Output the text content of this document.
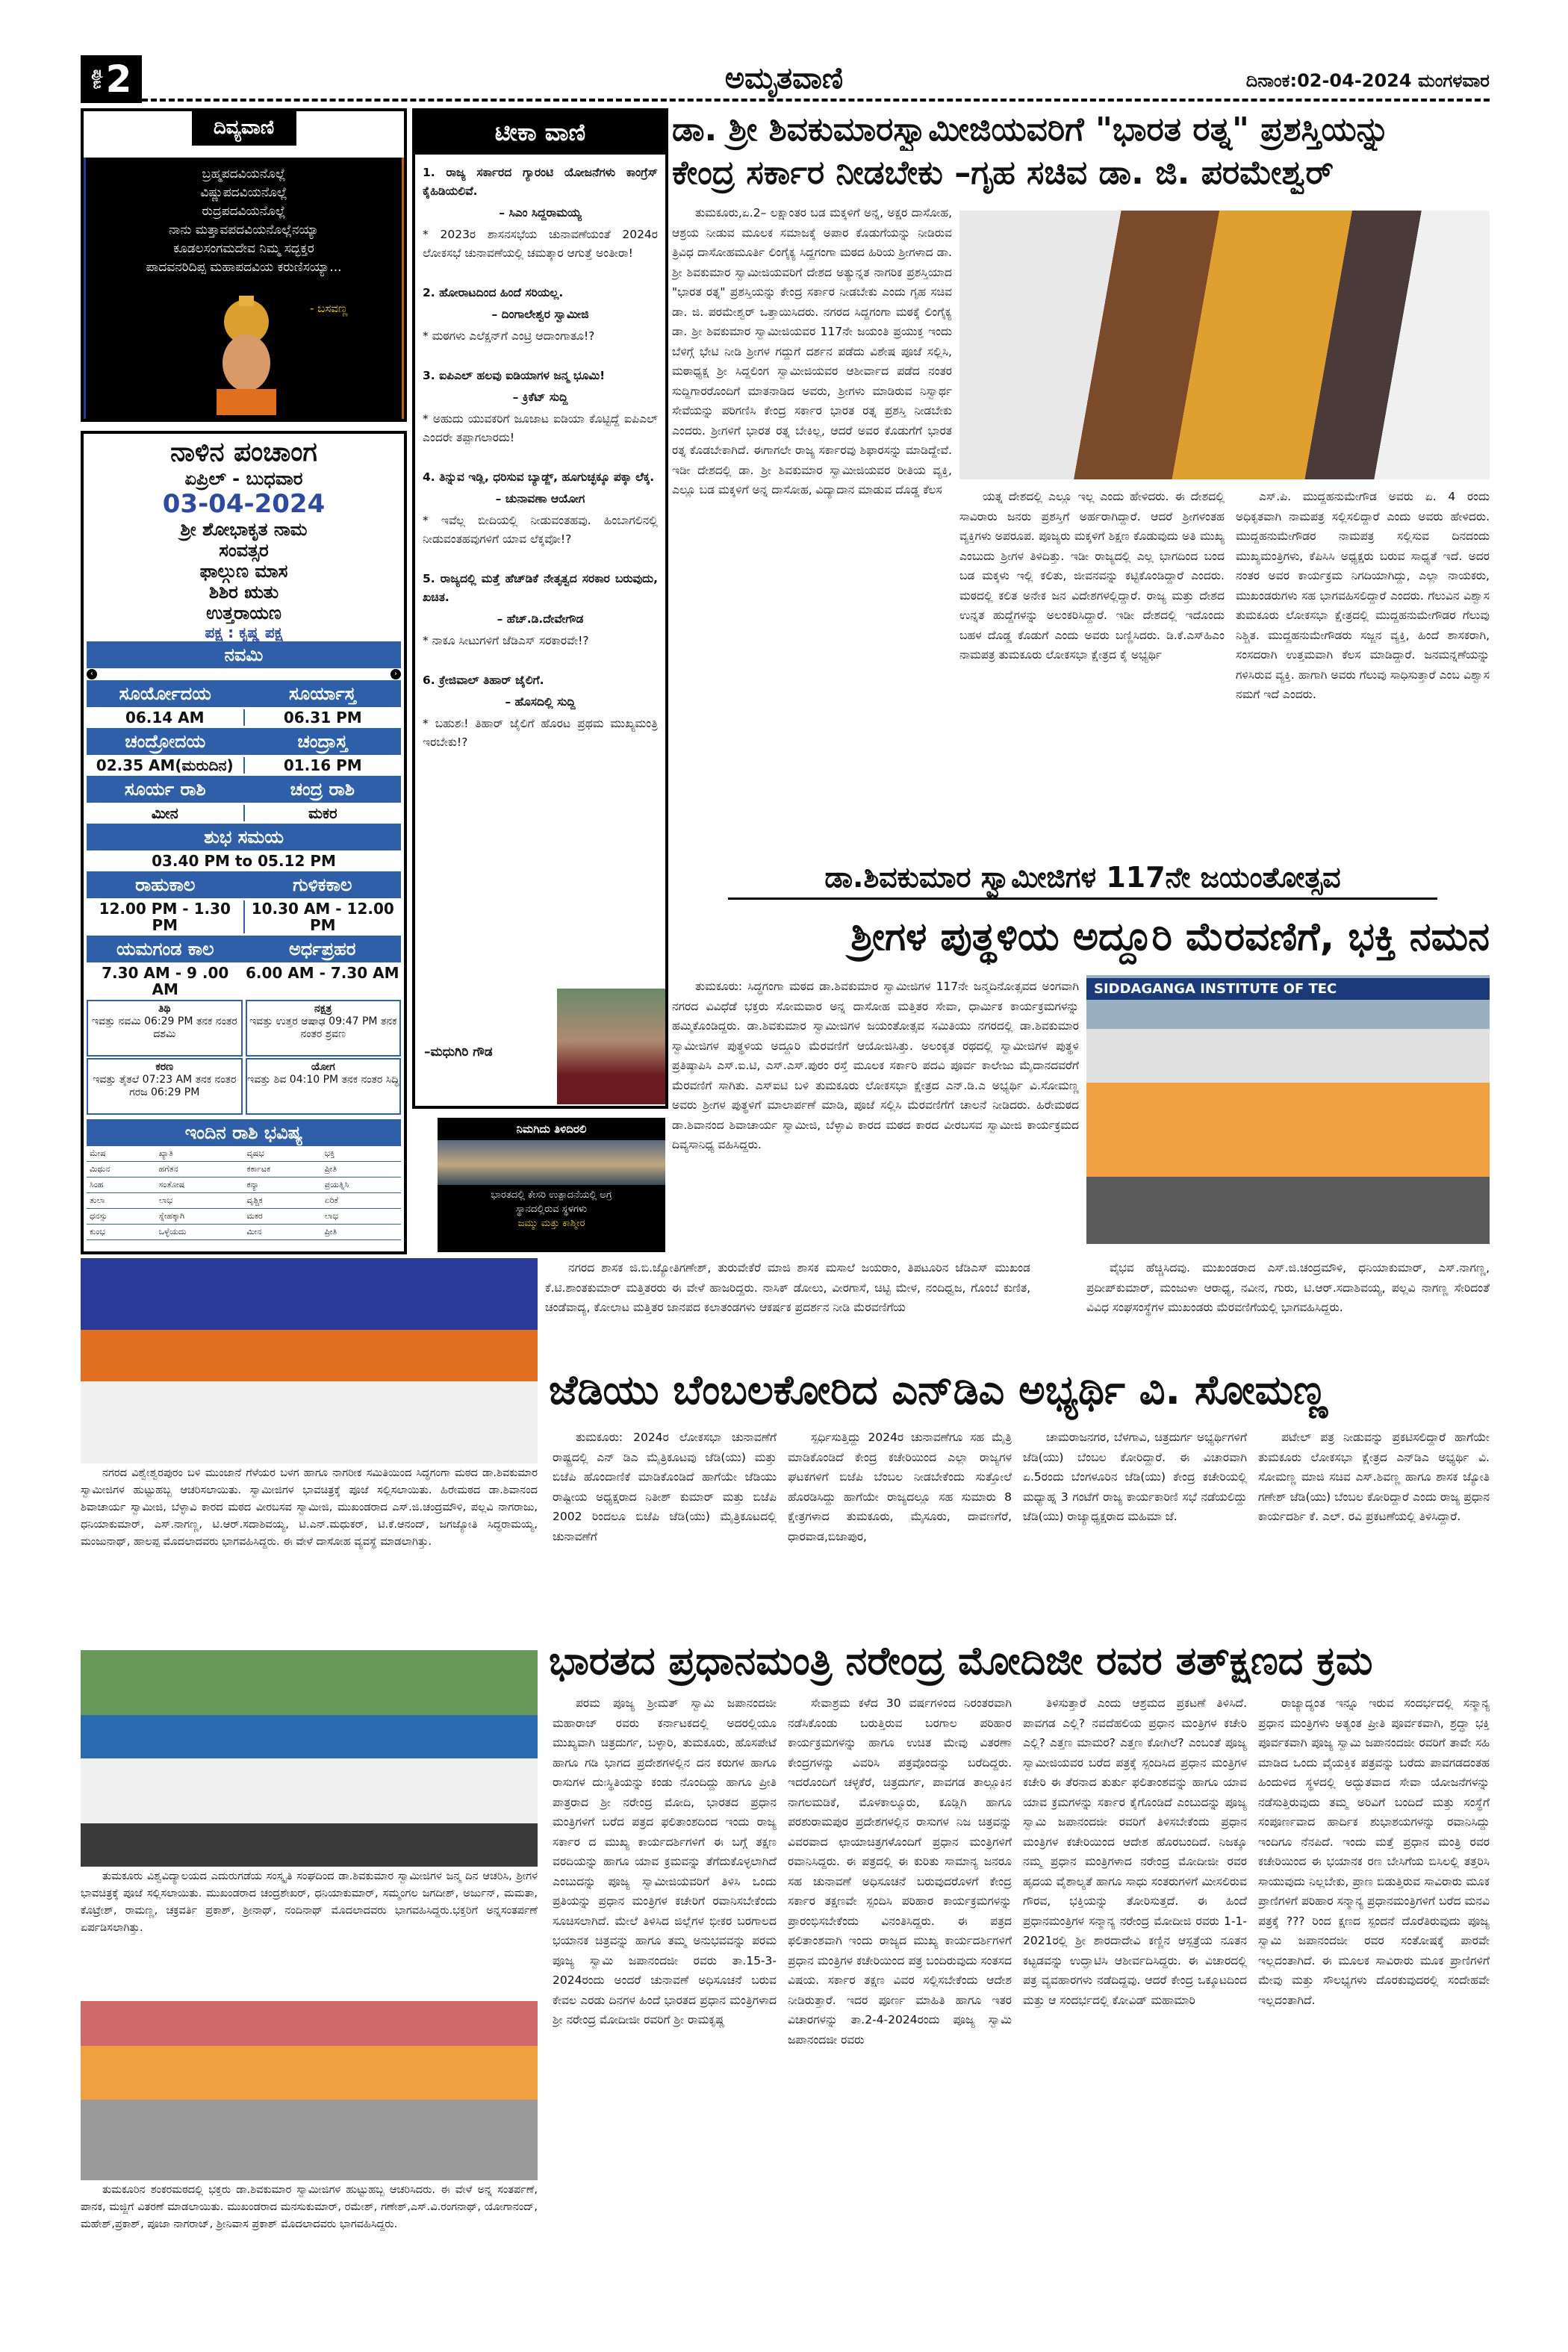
ಪುಟ 2	ಅಮೃತವಾಣಿ	ದಿನಾಂಕ:02-04-2024 ಮಂಗಳವಾರ
ದಿವ್ಯವಾಣಿ
ಬ್ರಹ್ಮಪದವಿಯನೊಲ್ಲೆ
ವಿಷ್ಣುಪದವಿಯನೊಲ್ಲೆ
ರುದ್ರಪದವಿಯನೊಲ್ಲೆ
ನಾನು ಮತ್ತಾವಪದವಿಯನೊಲ್ಲೆನಯ್ಯಾ
ಕೂಡಲಸಂಗಮದೇವ ನಿಮ್ಮ ಸದ್ಭಕ್ತರ
ಪಾದವನರಿದಿಪ್ಪ ಮಹಾಪದವಿಯ ಕರುಣಿಸಯ್ಯಾ...
- ಬಸವಣ್ಣ
ನಾಳಿನ ಪಂಚಾಂಗ
ಏಪ್ರಿಲ್ - ಬುಧವಾರ
03-04-2024
ಶ್ರೀ ಶೋಭಾಕೃತ ನಾಮ
ಸಂವತ್ಸರ
ಫಾಲ್ಗುಣ ಮಾಸ
ಶಿಶಿರ ಋತು
ಉತ್ತರಾಯಣ
ಪಕ್ಷ : ಕೃಷ್ಣ ಪಕ್ಷ
ನವಮಿ
‹	›
ಸೂರ್ಯೋದಯ	ಸೂರ್ಯಾಸ್ತ
06.14 AM	06.31 PM
ಚಂದ್ರೋದಯ	ಚಂದ್ರಾಸ್ತ
02.35 AM(ಮರುದಿನ)	01.16 PM
ಸೂರ್ಯ ರಾಶಿ	ಚಂದ್ರ ರಾಶಿ
ಮೀನ	ಮಕರ
ಶುಭ ಸಮಯ
03.40 PM to 05.12 PM
ರಾಹುಕಾಲ	ಗುಳಿಕಕಾಲ
12.00 PM - 1.30 PM
10.30 AM - 12.00 PM
ಯಮಗಂಡ ಕಾಲ	ಅರ್ಧಪ್ರಹರ
7.30 AM - 9 .00 AM
6.00 AM - 7.30 AM
ತಿಥಿ
ಇವತ್ತು ನವಮಿ 06:29 PM ತನಕ ನಂತರ ದಶಮಿ
ನಕ್ಷತ್ರ
ಇವತ್ತು ಉತ್ತರ ಆಷಾಢ 09:47 PM ತನಕ ನಂತರ ಶ್ರವಣ
ಕರಣ
ಇವತ್ತು ತೈತಲೆ 07:23 AM ತನಕ ನಂತರ ಗರಜ 06:29 PM
ಯೋಗ
ಇವತ್ತು ಶಿವ 04:10 PM ತನಕ ನಂತರ ಸಿದ್ಧಿ
ಇಂದಿನ ರಾಶಿ ಭವಿಷ್ಯ
ಮೇಷ	ಖ್ಯಾತಿ	ವೃಷಭ	ಭಕ್ತಿ
ಮಿಥುನ	ಹಗೆತನ	ಕರ್ಕಾಟಕ	ಪ್ರೀತಿ
ಸಿಂಹ	ಸಂತೋಷ	ಕನ್ಯಾ	ಪ್ರಯತ್ನಿಸಿ
ತುಲಾ	ಲಾಭ	ವೃಶ್ಚಿಕ	ಏರಿಕೆ
ಧನಸ್ಸು	ಸ್ನೇಹಕ್ಕಾಗಿ	ಮಕರ	ಲಾಭ
ಕುಂಭ	ಒಳ್ಳೆಯದು	ಮೀನ	ಪ್ರೀತಿ
ಟೀಕಾ ವಾಣಿ

1. ರಾಜ್ಯ ಸರ್ಕಾರದ ಗ್ಯಾರಂಟಿ ಯೋಜನೆಗಳು ಕಾಂಗ್ರೆಸ್ ಕೈಹಿಡಿಯಲಿವೆ.

– ಸಿಎಂ ಸಿದ್ದರಾಮಯ್ಯ

* 2023ರ ಶಾಸನಸಭೆಯ ಚುನಾವಣೆಯಂತೆ 2024ರ ಲೋಕಸಭೆ ಚುನಾವಣೆಯಲ್ಲಿ ಚಮತ್ಕಾರ ಆಗುತ್ತೆ ಅಂತೀರಾ!

2. ಹೋರಾಟದಿಂದ ಹಿಂದೆ ಸರಿಯಲ್ಲ.

– ದಿಂಗಾಲೇಶ್ವರ ಸ್ವಾಮೀಜಿ

* ಮಠಗಳು ಎಲೆಕ್ಷನ್‌ಗೆ ಎಂಟ್ರಿ ಆದಾಂಗಾತೂ!?

3. ಐಪಿಎಲ್ ಹಲವು ಐಡಿಯಾಗಳ ಜನ್ಮ ಭೂಮಿ!

– ಕ್ರಿಕೆಟ್ ಸುದ್ದಿ

* ಅಹುದು ಯುವಕರಿಗೆ ಜೂಜಾಟ ಐಡಿಯಾ ಕೊಟ್ಟಿದ್ದೆ ಐಪಿಎಲ್ ಎಂದರೇ ತಪ್ಪಾಗಲಾರದು!

4. ತಿನ್ನುವ ಇಡ್ಲಿ, ಧರಿಸುವ ಬ್ಯಾಡ್ಜ್, ಹೂಗುಚ್ಛಕ್ಕೂ ಪಕ್ಕಾ ಲೆಕ್ಕ.

– ಚುನಾವಣಾ ಆಯೋಗ

* ಇವೆಲ್ಲ ಬೀದಿಯಲ್ಲಿ ನೀಡುವಂತಹವು. ಹಿಂಬಾಗಲಿನಲ್ಲಿ ನೀಡುವಂತಹವುಗಳಿಗೆ ಯಾವ ಲೆಕ್ಕವೋ!?

5. ರಾಜ್ಯದಲ್ಲಿ ಮತ್ತೆ ಹೆಚ್‌ಡಿಕೆ ನೇತೃತ್ವದ ಸರಕಾರ ಬರುವುದು, ಖಚಿತ.

– ಹೆಚ್.ಡಿ.ದೇವೇಗೌಡ

* ನಾಕೂ ಸೀಟುಗಳಿಗೆ ಜೆಡಿಎಸ್ ಸರಕಾರವೇ!?

6. ಕ್ರೇಜಿವಾಲ್ ತಿಹಾರ್ ಜೈಲಿಗೆ.

– ಹೊಸದಿಲ್ಲಿ ಸುದ್ದಿ

* ಬಹುಶಃ! ತಿಹಾರ್ ಜೈಲಿಗೆ ಹೊರಟ ಪ್ರಥಮ ಮುಖ್ಯಮಂತ್ರಿ ಇರಬೇಕು!?

–ಮಧುಗಿರಿ ಗೌಡ
ನಿಮಗಿದು ತಿಳಿದಿರಲಿ
ಭಾರತದಲ್ಲಿ ಕೇಸರಿ ಉತ್ಪಾದನೆಯಲ್ಲಿ ಅಗ್ರ
ಸ್ಥಾನದಲ್ಲಿರುವ ಸ್ಥಳಗಳು
ಜಮ್ಮು ಮತ್ತು ಕಾಶ್ಮೀರ
ಡಾ. ಶ್ರೀ ಶಿವಕುಮಾರಸ್ವಾಮೀಜಿಯವರಿಗೆ "ಭಾರತ ರತ್ನ" ಪ್ರಶಸ್ತಿಯನ್ನು
ಕೇಂದ್ರ ಸರ್ಕಾರ ನೀಡಬೇಕು –ಗೃಹ ಸಚಿವ ಡಾ. ಜಿ. ಪರಮೇಶ್ವರ್
ತುಮಕೂರು,ಏ.2– ಲಕ್ಷಾಂತರ ಬಡ ಮಕ್ಕಳಿಗೆ ಅನ್ನ, ಅಕ್ಷರ ದಾಸೋಹ, ಆಶ್ರಯ ನೀಡುವ ಮೂಲಕ ಸಮಾಜಕ್ಕೆ ಅಪಾರ ಕೊಡುಗೆಯನ್ನು ನೀಡಿರುವ ತ್ರಿವಿಧ ದಾಸೋಹಮೂರ್ತಿ ಲಿಂಗೈಕ್ಯ ಸಿದ್ದಗಂಗಾ ಮಠದ ಹಿರಿಯ ಶ್ರೀಗಳಾದ ಡಾ. ಶ್ರೀ ಶಿವಕುಮಾರ ಸ್ವಾಮೀಜಿಯವರಿಗೆ ದೇಶದ ಅತ್ಯುನ್ನತ ನಾಗರಿಕ ಪ್ರಶಸ್ತಿಯಾದ "ಭಾರತ ರತ್ನ" ಪ್ರಶಸ್ತಿಯನ್ನು ಕೇಂದ್ರ ಸರ್ಕಾರ ನೀಡಬೇಕು ಎಂದು ಗೃಹ ಸಚಿವ ಡಾ. ಜಿ. ಪರಮೇಶ್ವರ್ ಒತ್ತಾಯಿಸಿದರು. ನಗರದ ಸಿದ್ದಗಂಗಾ ಮಠಕ್ಕೆ ಲಿಂಗೈಕ್ಯ ಡಾ. ಶ್ರೀ ಶಿವಕುಮಾರ ಸ್ವಾಮೀಜಿಯವರ 117ನೇ ಜಯಂತಿ ಪ್ರಯುಕ್ತ ಇಂದು ಬೆಳಿಗ್ಗೆ ಭೇಟಿ ನೀಡಿ ಶ್ರೀಗಳ ಗದ್ದುಗೆ ದರ್ಶನ ಪಡೆದು ವಿಶೇಷ ಪೂಜೆ ಸಲ್ಲಿಸಿ, ಮಠಾಧ್ಯಕ್ಷ ಶ್ರೀ ಸಿದ್ದಲಿಂಗ ಸ್ವಾಮೀಜಿಯವರ ಆಶೀರ್ವಾದ ಪಡೆದ ನಂತರ ಸುದ್ದಿಗಾರರೊಂದಿಗೆ ಮಾತನಾಡಿದ ಅವರು, ಶ್ರೀಗಳು ಮಾಡಿರುವ ನಿಸ್ವಾರ್ಥ ಸೇವೆಯನ್ನು ಪರಿಗಣಿಸಿ ಕೇಂದ್ರ ಸರ್ಕಾರ ಭಾರತ ರತ್ನ ಪ್ರಶಸ್ತಿ ನೀಡಬೇಕು ಎಂದರು. ಶ್ರೀಗಳಿಗೆ ಭಾರತ ರತ್ನ ಬೇಕಿಲ್ಲ, ಆದರೆ ಅವರ ಕೊಡುಗೆಗೆ ಭಾರತ ರತ್ನ ಕೊಡಬೇಕಾಗಿದೆ. ಈಗಾಗಲೇ ರಾಜ್ಯ ಸರ್ಕಾರವು ಶಿಫಾರಸನ್ನು ಮಾಡಿದ್ದೇವೆ. ಇಡೀ ದೇಶದಲ್ಲಿ ಡಾ. ಶ್ರೀ ಶಿವಕುಮಾರ ಸ್ವಾಮೀಜಿಯವರ ರೀತಿಯ ವ್ಯಕ್ತಿ, ಎಲ್ಲೂ ಬಡ ಮಕ್ಕಳಿಗೆ ಅನ್ನ ದಾಸೋಹ, ವಿದ್ಯಾದಾನ ಮಾಡುವ ದೊಡ್ಡ ಕೆಲಸ	ಯತ್ನ ದೇಶದಲ್ಲಿ ಎಲ್ಲೂ ಇಲ್ಲ ಎಂದು ಹೇಳಿದರು. ಈ ದೇಶದಲ್ಲಿ ಸಾವಿರಾರು ಜನರು ಪ್ರಶಸ್ತಿಗೆ ಅರ್ಹರಾಗಿದ್ದಾರೆ. ಆದರೆ ಶ್ರೀಗಳಂತಹ ವ್ಯಕ್ತಿಗಳು ಅಪರೂಪ. ಪೂಜ್ಯರು ಮಕ್ಕಳಿಗೆ ಶಿಕ್ಷಣ ಕೊಡುವುದು ಅತಿ ಮುಖ್ಯ ಎಂಬುದು ಶ್ರೀಗಳ ತಿಳಿದಿತ್ತು. ಇಡೀ ರಾಜ್ಯದಲ್ಲಿ ಎಲ್ಲ ಭಾಗದಿಂದ ಬಂದ ಬಡ ಮಕ್ಕಳು ಇಲ್ಲಿ ಕಲಿತು, ಜೀವನವನ್ನು ಕಟ್ಟಿಕೊಂಡಿದ್ದಾರೆ ಎಂದರು. ಮಠದಲ್ಲಿ ಕಲಿತ ಅನೇಕ ಜನ ವಿದೇಶಗಳಲ್ಲಿದ್ದಾರೆ. ರಾಜ್ಯ ಮತ್ತು ದೇಶದ ಉನ್ನತ ಹುದ್ದೆಗಳನ್ನು ಅಲಂಕರಿಸಿದ್ದಾರೆ. ಇಡೀ ದೇಶದಲ್ಲಿ ಇದೊಂದು ಬಹಳ ದೊಡ್ಡ ಕೊಡುಗೆ ಎಂದು ಅವರು ಬಣ್ಣಿಸಿದರು. ಡಿ.ಕೆ.ಎಸ್‌ಹಿಎಂ ನಾಮಪತ್ರ ತುಮಕೂರು ಲೋಕಸಭಾ ಕ್ಷೇತ್ರದ ಕೈ ಅಭ್ಯರ್ಥಿ
ಎಸ್.ಪಿ. ಮುದ್ದಹನುಮೇಗೌಡ ಅವರು ಏ. 4 ರಂದು ಅಧಿಕೃತವಾಗಿ ನಾಮಪತ್ರ ಸಲ್ಲಿಸಲಿದ್ದಾರೆ ಎಂದು ಅವರು ಹೇಳಿದರು. ಮುದ್ದಹನುಮೇಗೌಡರ ನಾಮಪತ್ರ ಸಲ್ಲಿಸುವ ದಿನದಂದು ಮುಖ್ಯಮಂತ್ರಿಗಳು, ಕೆಪಿಸಿಸಿ ಅಧ್ಯಕ್ಷರು ಬರುವ ಸಾಧ್ಯತೆ ಇದೆ. ಅದರ ನಂತರ ಅವರ ಕಾರ್ಯಕ್ರಮ ನಿಗದಿಯಾಗಿದ್ದು, ಎಲ್ಲಾ ನಾಯಕರು, ಮುಖಂಡರುಗಳು ಸಹ ಭಾಗವಹಿಸಲಿದ್ದಾರೆ ಎಂದರು. ಗೆಲುವಿನ ವಿಶ್ವಾಸ ತುಮಕೂರು ಲೋಕಸಭಾ ಕ್ಷೇತ್ರದಲ್ಲಿ ಮುದ್ದಹನುಮೇಗೌಡರ ಗೆಲುವು ನಿಶ್ಚಿತ. ಮುದ್ದಹನುಮೇಗೌಡರು ಸಜ್ಜನ ವ್ಯಕ್ತಿ, ಹಿಂದೆ ಶಾಸಕರಾಗಿ, ಸಂಸದರಾಗಿ ಉತ್ತಮವಾಗಿ ಕೆಲಸ ಮಾಡಿದ್ದಾರೆ. ಜನಮನ್ನಣೆಯನ್ನು ಗಳಿಸಿರುವ ವ್ಯಕ್ತಿ. ಹಾಗಾಗಿ ಅವರು ಗೆಲುವು ಸಾಧಿಸುತ್ತಾರೆ ಎಂಬ ವಿಶ್ವಾಸ ನಮಗೆ ಇದೆ ಎಂದರು.
ಡಾ.ಶಿವಕುಮಾರ ಸ್ವಾಮೀಜಿಗಳ 117ನೇ ಜಯಂತೋತ್ಸವ
ಶ್ರೀಗಳ ಪುತ್ಥಳಿಯ ಅದ್ದೂರಿ ಮೆರವಣಿಗೆ, ಭಕ್ತಿ ನಮನ
ತುಮಕೂರು: ಸಿದ್ಧಗಂಗಾ ಮಠದ ಡಾ.ಶಿವಕುಮಾರ ಸ್ವಾಮೀಜಿಗಳ 117ನೇ ಜನ್ಮದಿನೋತ್ಸವದ ಅಂಗವಾಗಿ ನಗರದ ವಿವಿಧೆಡೆ ಭಕ್ತರು ಸೋಮವಾರ ಅನ್ನ ದಾಸೋಹ ಮತ್ತಿತರ ಸೇವಾ, ಧಾರ್ಮಿಕ ಕಾರ್ಯಕ್ರಮಗಳನ್ನು ಹಮ್ಮಿಕೊಂಡಿದ್ದರು. ಡಾ.ಶಿವಕುಮಾರ ಸ್ವಾಮೀಜಿಗಳ ಜಯಂತೋತ್ಸವ ಸಮಿತಿಯು ನಗರದಲ್ಲಿ ಡಾ.ಶಿವಕುಮಾರ ಸ್ವಾಮೀಜಿಗಳ ಪುತ್ಥಳಿಯ ಅದ್ದೂರಿ ಮೆರವಣಿಗೆ ಆಯೋಜಿಸಿತ್ತು. ಅಲಂಕೃತ ರಥದಲ್ಲಿ ಸ್ವಾಮೀಜಿಗಳ ಪುತ್ಥಳಿ ಪ್ರತಿಷ್ಠಾಪಿಸಿ ಎಸ್.ಐ.ಟಿ, ಎಸ್.ಎಸ್.ಪುರಂ ರಸ್ತೆ ಮೂಲಕ ಸರ್ಕಾರಿ ಪದವಿ ಪೂರ್ವ ಕಾಲೇಜು ಮೈದಾನದವರೆಗೆ ಮೆರವಣಿಗೆ ಸಾಗಿತು. ಎಸ್‌ಐಟಿ ಬಳಿ ತುಮಕೂರು ಲೋಕಸಭಾ ಕ್ಷೇತ್ರದ ಎನ್.ಡಿ.ಎ ಅಭ್ಯರ್ಥಿ ವಿ.ಸೋಮಣ್ಣ ಅವರು ಶ್ರೀಗಳ ಪುತ್ಥಳಿಗೆ ಮಾಲಾರ್ಪಣೆ ಮಾಡಿ, ಪೂಜೆ ಸಲ್ಲಿಸಿ ಮೆರವಣಿಗೆಗೆ ಚಾಲನೆ ನೀಡಿದರು. ಹಿರೇಮಠದ ಡಾ.ಶಿವಾನಂದ ಶಿವಾಚಾರ್ಯ ಸ್ವಾಮೀಜಿ, ಬೆಳ್ಳಾವಿ ಕಾರದ ಮಠದ ಕಾರದ ವೀರಬಸವ ಸ್ವಾಮೀಜಿ ಕಾರ್ಯಕ್ರಮದ ದಿವ್ಯಸಾನಿಧ್ಯ ವಹಿಸಿದ್ದರು.
SIDDAGANGA INSTITUTE OF TEC
ನಗರದ ಶಾಸಕ ಜಿ.ಬಿ.ಜ್ಯೋತಿಗಣೇಶ್, ತುರುವೇಕೆರೆ ಮಾಜಿ ಶಾಸಕ ಮಸಾಲೆ ಜಯರಾಂ, ತಿಪಟೂರಿನ ಜೆಡಿಎಸ್ ಮುಖಂಡ ಕೆ.ಟಿ.ಶಾಂತಕುಮಾರ್ ಮತ್ತಿತರರು ಈ ವೇಳೆ ಹಾಜರಿದ್ದರು. ನಾಸಿಕ್ ಡೋಲು, ವೀರಗಾಸೆ, ಚಿಟ್ಟಿ ಮೇಳ, ನಂದಿಧ್ವಜ, ಗೊಂಬೆ ಕುಣಿತ, ಚಂಡೆವಾದ್ಯ, ಕೋಲಾಟ ಮತ್ತಿತರ ಜಾನಪದ ಕಲಾತಂಡಗಳು ಆಕರ್ಷಕ ಪ್ರದರ್ಶನ ನೀಡಿ ಮೆರವಣಿಗೆಯ
ವೈಭವ ಹೆಚ್ಚಿಸಿದವು. ಮುಖಂಡರಾದ ಎಸ್.ಜಿ.ಚಂದ್ರಮೌಳಿ, ಧನಿಯಾಕುಮಾರ್, ಎಸ್.ನಾಗಣ್ಣ, ಪ್ರದೀಪ್‌ಕುಮಾರ್, ಮಂಜುಳಾ ಆರಾಧ್ಯ, ನವೀನ, ಗುರು, ಟಿ.ಆರ್.ಸದಾಶಿವಯ್ಯ, ಪಲ್ಲವಿ ನಾಗಣ್ಣ ಸೇರಿದಂತೆ ವಿವಿಧ ಸಂಘಸಂಸ್ಥೆಗಳ ಮುಖಂಡರು ಮೆರವಣಿಗೆಯಲ್ಲಿ ಭಾಗವಹಿಸಿದ್ದರು.
ನಗರದ ವಿಶ್ವೇಶ್ವರಪುರಂ ಬಳಿ ಮುಂಜಾನೆ ಗೆಳೆಯರ ಬಳಗ ಹಾಗೂ ನಾಗರೀಕ ಸಮಿತಿಯಿಂದ ಸಿದ್ಧಗಂಗಾ ಮಠದ ಡಾ.ಶಿವಕುಮಾರ ಸ್ವಾಮೀಜಿಗಳ ಹುಟ್ಟುಹಬ್ಬ ಆಚರಿಸಲಾಯಿತು. ಸ್ವಾಮೀಜಿಗಳ ಭಾವಚಿತ್ರಕ್ಕೆ ಪೂಜೆ ಸಲ್ಲಿಸಲಾಯಿತು. ಹಿರೇಮಠದ ಡಾ.ಶಿವಾನಂದ ಶಿವಾಚಾರ್ಯ ಸ್ವಾಮೀಜಿ, ಬೆಳ್ಳಾವಿ ಕಾರದ ಮಠದ ವೀರಬಸವ ಸ್ವಾಮೀಜಿ, ಮುಖಂಡರಾದ ಎಸ್.ಜಿ.ಚಂದ್ರಮೌಳಿ, ಪಲ್ಲವಿ ನಾಗರಾಜು, ಧನಿಯಾಕುಮಾರ್, ಎಸ್.ನಾಗಣ್ಣ, ಟಿ.ಆರ್.ಸದಾಶಿವಯ್ಯ, ಟಿ.ಎನ್.ಮಧುಕರ್, ಟಿ.ಕೆ.ಆನಂದ್, ಜಗಜ್ಯೋತಿ ಸಿದ್ಧರಾಮಯ್ಯ, ಮಂಜುನಾಥ್, ಹಾಲಪ್ಪ ಮೊದಲಾದವರು ಭಾಗವಹಿಸಿದ್ದರು. ಈ ವೇಳೆ ದಾಸೋಹ ವ್ಯವಸ್ಥೆ ಮಾಡಲಾಗಿತ್ತು.
ತುಮಕೂರು ವಿಶ್ವವಿದ್ಯಾಲಯದ ಎದುರುಗಡೆಯ ಸಂಸ್ಕೃತಿ ಸಂಘದಿಂದ ಡಾ.ಶಿವಕುಮಾರ ಸ್ವಾಮೀಜಿಗಳ ಜನ್ಮ ದಿನ ಆಚರಿಸಿ, ಶ್ರೀಗಳ ಭಾವಚಿತ್ರಕ್ಕೆ ಪೂಜೆ ಸಲ್ಲಿಸಲಾಯಿತು. ಮುಖಂಡರಾದ ಚಂದ್ರಶೇಖರ್, ಧನಿಯಾಕುಮಾರ್, ಸಮ್ಮಂಗಲ ಜಗದೀಶ್, ಅರ್ಜುನ್, ಮಮತಾ, ಕೊಟ್ರೇಶ್, ರಾಮಣ್ಣ, ಚಕ್ರವರ್ತಿ ಪ್ರಕಾಶ್, ಶ್ರೀನಾಥ್, ನಂದಿನಾಥ್ ಮೊದಲಾದವರು ಭಾಗವಹಿಸಿದ್ದರು.ಭಕ್ತರಿಗೆ ಅನ್ನಸಂತರ್ಪಣೆ ಏರ್ಪಡಿಸಲಾಗಿತ್ತು.
ತುಮಕೂರಿನ ಶಂಕರಮಠದಲ್ಲಿ ಭಕ್ತರು ಡಾ.ಶಿವಕುಮಾರ ಸ್ವಾಮೀಜಿಗಳ ಹುಟ್ಟುಹಬ್ಬ ಆಚರಿಸಿದರು. ಈ ವೇಳೆ ಅನ್ನ ಸಂತರ್ಪಣೆ, ಪಾನಕ, ಮಜ್ಜಿಗೆ ವಿತರಣೆ ಮಾಡಲಾಯಿತು. ಮುಖಂಡರಾದ ಮನಸುಕುಮಾರ್, ರಮೇಶ್, ಗಣೇಶ್,ಎಸ್.ವಿ.ರಂಗನಾಥ್, ಯೋಗಾನಂದ್, ಮಹೇಶ್,ಪ್ರಕಾಶ್, ಪೂಜಾ ನಾಗರಾಜ್, ಶ್ರೀನಿವಾಸ ಪ್ರಕಾಶ್ ಮೊದಲಾದವರು ಭಾಗವಹಿಸಿದ್ದರು.
ಜೆಡಿಯು ಬೆಂಬಲಕೋರಿದ ಎನ್‌ಡಿಎ ಅಭ್ಯರ್ಥಿ ವಿ. ಸೋಮಣ್ಣ
ತುಮಕೂರು: 2024ರ ಲೋಕಸಭಾ ಚುನಾವಣೆಗೆ ರಾಷ್ಟ್ರದಲ್ಲಿ ಎನ್ ಡಿಎ ಮೈತ್ರಿಕೂಟವು ಜೆಡಿ(ಯು) ಮತ್ತು ಬಿಜೆಪಿ ಹೊಂದಾಣಿಕೆ ಮಾಡಿಕೊಂಡಿದೆ ಹಾಗೆಯೇ ಜೆಡಿಯು ರಾಷ್ಟೀಯ ಅಧ್ಯಕ್ಷರಾದ ನಿತೀಶ್ ಕುಮಾರ್ ಮತ್ತು ಬಿಜೆಪಿ 2002 ರಿಂದಲೂ ಬಿಜೆಪಿ ಜೆಡಿ(ಯು) ಮೈತ್ರಿಕೂಟದಲ್ಲಿ ಚುನಾವಣೆಗೆ
ಸ್ಪರ್ಧಿಸುತ್ತಿದ್ದು 2024ರ ಚುನಾವಣೆಗೂ ಸಹ ಮೈತ್ರಿ ಮಾಡಿಕೊಂಡಿದೆ ಕೇಂದ್ರ ಕಚೇರಿಯಿಂದ ಎಲ್ಲಾ ರಾಜ್ಯಗಳ ಘಟಕಗಳಿಗೆ ಬಿಜೆಪಿ ಬೆಂಬಲ ನೀಡಬೇಕೆಂದು ಸುತ್ತೋಲೆ ಹೊರಡಿಸಿದ್ದು ಹಾಗೆಯೇ ರಾಜ್ಯದಲ್ಲೂ ಸಹ ಸುಮಾರು 8 ಕ್ಷೇತ್ರಗಳಾದ ತುಮಕೂರು, ಮೈಸೂರು, ದಾವಣಗೆರೆ, ಧಾರವಾಡ,ಬಿಜಾಪುರ,
ಚಾಮರಾಜನಗರ, ಬೆಳಗಾವಿ, ಚಿತ್ರದುರ್ಗ ಅಭ್ಯರ್ಥಿಗಳಿಗೆ ಜೆಡಿ(ಯು) ಬೆಂಬಲ ಕೋರಿದ್ದಾರೆ. ಈ ವಿಚಾರವಾಗಿ ಏ.5ರಂದು ಬೆಂಗಳೂರಿನ ಜೆಡಿ(ಯು) ಕೇಂದ್ರ ಕಚೇರಿಯಲ್ಲಿ ಮಧ್ಯಾಹ್ನ 3 ಗಂಟೆಗೆ ರಾಜ್ಯ ಕಾರ್ಯಕಾರಿಣಿ ಸಭೆ ನಡೆಯಲಿದ್ದು ಜೆಡಿ(ಯು) ರಾಜ್ಯಾಧ್ಯಕ್ಷರಾದ ಮಹಿಮಾ ಜೆ.
ಪಟೇಲ್ ಪತ್ರ ನೀಡುವನ್ನು ಪ್ರಕಟಿಸಲಿದ್ದಾರೆ ಹಾಗೆಯೇ ತುಮಕೂರು ಲೋಕಸಭಾ ಕ್ಷೇತ್ರದ ಎನ್‌ಡಿಎ ಅಭ್ಯರ್ಥಿ ವಿ. ಸೋಮಣ್ಣ ಮಾಜಿ ಸಚಿವ ಎಸ್.ಶಿವಣ್ಣ ಹಾಗೂ ಶಾಸಕ ಜ್ಯೋತಿ ಗಣೇಶ್ ಜೆಡಿ(ಯು) ಬೆಂಬಲ ಕೋರಿದ್ದಾರೆ ಎಂದು ರಾಜ್ಯ ಪ್ರಧಾನ ಕಾರ್ಯದರ್ಶಿ ಕೆ. ಎಲ್. ರವಿ ಪ್ರಕಟಣೆಯಲ್ಲಿ ತಿಳಿಸಿದ್ದಾರೆ.
ಭಾರತದ ಪ್ರಧಾನಮಂತ್ರಿ ನರೇಂದ್ರ ಮೋದಿಜೀ ರವರ ತತ್‌ಕ್ಷಣದ ಕ್ರಮ
ಪರಮ ಪೂಜ್ಯ ಶ್ರೀಮತ್ ಸ್ವಾಮಿ ಜಪಾನಂದಜೀ ಮಹಾರಾಜ್ ರವರು ಕರ್ನಾಟಕದಲ್ಲಿ ಅದರಲ್ಲಿಯೂ ಮುಖ್ಯವಾಗಿ ಚಿತ್ರದುರ್ಗ, ಬಳ್ಳಾರಿ, ತುಮಕೂರು, ಹೊಸಪೇಟೆ ಹಾಗೂ ಗಡಿ ಭಾಗದ ಪ್ರದೇಶಗಳಲ್ಲಿನ ದನ ಕರುಗಳ ಹಾಗೂ ರಾಸುಗಳ ದುಃಸ್ಥಿತಿಯನ್ನು ಕಂಡು ನೊಂದಿದ್ದು ಹಾಗೂ ಪ್ರೀತಿ ಪಾತ್ರರಾದ ಶ್ರೀ ನರೇಂದ್ರ ಮೋದಿ, ಭಾರತದ ಪ್ರಧಾನ ಮಂತ್ರಿಗಳಿಗೆ ಬರೆದ ಪತ್ರದ ಫಲಿತಾಂಶದಿಂದ ಇಂದು ರಾಜ್ಯ ಸರ್ಕಾರ ದ ಮುಖ್ಯ ಕಾರ್ಯದರ್ಶಿಗಳಿಗೆ ಈ ಬಗ್ಗೆ ತಕ್ಷಣ ವರದಿಯನ್ನು ಹಾಗೂ ಯಾವ ಕ್ರಮವನ್ನು ತೆಗೆದುಕೊಳ್ಳಲಾಗಿದೆ ಎಂಬುದನ್ನು ಪೂಜ್ಯ ಸ್ವಾಮೀಜಿಯವರಿಗೆ ತಿಳಿಸಿ ಒಂದು ಪ್ರತಿಯನ್ನು ಪ್ರಧಾನ ಮಂತ್ರಿಗಳ ಕಚೇರಿಗೆ ರವಾನಿಸಬೇಕೆಂದು ಸೂಚಿಸಲಾಗಿದೆ. ಮೇಲೆ ತಿಳಿಸಿದ ಜಿಲ್ಲೆಗಳ ಭೀಕರ ಬರಗಾಲದ ಭಯಾನಕ ಚಿತ್ರವನ್ನು ಹಾಗೂ ತಮ್ಮ ಅನುಭವವನ್ನು ಪರಮ ಪೂಜ್ಯ ಸ್ವಾಮಿ ಜಪಾನಂದಜೀ ರವರು ತಾ.15-3-2024ರಂದು ಅಂದರೆ ಚುನಾವಣೆ ಅಧಿಸೂಚನೆ ಬರುವ ಕೇವಲ ಎರಡು ದಿನಗಳ ಹಿಂದೆ ಭಾರತದ ಪ್ರಧಾನ ಮಂತ್ರಿಗಳಾದ ಶ್ರೀ ನರೇಂದ್ರ ಮೋದೀಜೀ ರವರಿಗೆ ಶ್ರೀ ರಾಮಕೃಷ್ಣ
ಸೇವಾಶ್ರಮ ಕಳೆದ 30 ವರ್ಷಗಳಿಂದ ನಿರಂತರವಾಗಿ ನಡೆಸಿಕೊಂಡು ಬರುತ್ತಿರುವ ಬರಗಾಲ ಪರಿಹಾರ ಕಾರ್ಯಕ್ರಮಗಳನ್ನು ಹಾಗೂ ಉಚಿತ ಮೇವು ವಿತರಣಾ ಕೇಂದ್ರಗಳನ್ನು ವಿವರಿಸಿ ಪತ್ರವೊಂದನ್ನು ಬರೆದಿದ್ದರು. ಇದರೊಂದಿಗೆ ಚಳ್ಳಕೆರೆ, ಚಿತ್ರದುರ್ಗ, ಪಾವಗಡ ತಾಲ್ಲೂಕಿನ ನಾಗಲಮಡಿಕೆ, ಮೊಳಕಾಲ್ಮೂರು, ಕೂಡ್ಲಿಗಿ ಹಾಗೂ ಪರಶುರಾಮಪುರ ಪ್ರದೇಶಗಳಲ್ಲಿನ ರಾಸುಗಳ ನಿಜ ಚಿತ್ರವನ್ನು ವಿವರವಾದ ಛಾಯಾಚಿತ್ರಗಳೊಂದಿಗೆ ಪ್ರಧಾನ ಮಂತ್ರಿಗಳಿಗೆ ರವಾನಿಸಿದ್ದರು. ಈ ಪತ್ರದಲ್ಲಿ ಈ ಕುರಿತು ಸಾಮಾನ್ಯ ಜನರೂ ಸಹ ಚುನಾವಣೆ ಅಧಿಸೂಚನೆ ಬರುವುದರೊಳಗೆ ಕೇಂದ್ರ ಸರ್ಕಾರ ತಕ್ಷಣವೇ ಸ್ಪಂದಿಸಿ ಪರಿಹಾರ ಕಾರ್ಯಕ್ರಮಗಳನ್ನು ಪ್ರಾರಂಭಿಸಬೇಕೆಂದು ವಿನಂತಿಸಿದ್ದರು. ಈ ಪತ್ರದ ಫಲಿತಾಂಶವಾಗಿ ಇಂದು ರಾಜ್ಯದ ಮುಖ್ಯ ಕಾರ್ಯದರ್ಶಿಗಳಿಗೆ ಪ್ರಧಾನ ಮಂತ್ರಿಗಳ ಕಚೇರಿಯಿಂದ ಪತ್ರ ಬಂದಿರುವುದು ಸಂತಸದ ವಿಷಯ. ಸರ್ಕಾರ ತಕ್ಷಣ ವಿವರ ಸಲ್ಲಿಸಬೇಕೆಂದು ಆದೇಶ ನೀಡಿರುತ್ತಾರೆ. ಇದರ ಪೂರ್ಣ ಮಾಹಿತಿ ಹಾಗೂ ಇತರ ವಿಚಾರಗಳನ್ನು ತಾ.2-4-2024ರಂದು ಪೂಜ್ಯ ಸ್ವಾಮಿ ಜಪಾನಂದಜೀ ರವರು
ತಿಳಿಸುತ್ತಾರೆ ಎಂದು ಆಶ್ರಮದ ಪ್ರಕಟಣೆ ತಿಳಿಸಿದೆ. ಪಾವಗಡ ಎಲ್ಲಿ? ನವದೆಹಲಿಯ ಪ್ರಧಾನ ಮಂತ್ರಿಗಳ ಕಚೇರಿ ಎಲ್ಲಿ? ಎತ್ತಣ ಮಾಮರ? ಎತ್ತಣ ಕೋಗಿಲೆ? ಎಂಬಂತೆ ಪೂಜ್ಯ ಸ್ವಾಮೀಜಿಯವರ ಬರೆದ ಪತ್ರಕ್ಕೆ ಸ್ಪಂದಿಸಿದ ಪ್ರಧಾನ ಮಂತ್ರಿಗಳ ಕಚೇರಿ ಈ ತೆರನಾದ ತುರ್ತು ಫಲಿತಾಂಶವನ್ನು ಹಾಗೂ ಯಾವ ಯಾವ ಕ್ರಮಗಳನ್ನು ಸರ್ಕಾರ ಕೈಗೊಂಡಿದೆ ಎಂಬುದನ್ನು ಪೂಜ್ಯ ಸ್ವಾಮಿ ಜಪಾನಂದಜೀ ರವರಿಗೆ ತಿಳಿಸಬೇಕೆಂದು ಪ್ರಧಾನ ಮಂತ್ರಿಗಳ ಕಚೇರಿಯಿಂದ ಆದೇಶ ಹೊರಬಂದಿದೆ. ನಿಜಕ್ಕೂ ನಮ್ಮ ಪ್ರಧಾನ ಮಂತ್ರಿಗಳಾದ ನರೇಂದ್ರ ಮೋದೀಜೀ ರವರ ಹೃದಯ ವೈಶಾಲ್ಯತೆ ಹಾಗೂ ಸಾಧು ಸಂತರುಗಳಿಗೆ ಮೀಸಲಿರುವ ಗೌರವ, ಭಕ್ತಿಯನ್ನು ತೋರಿಸುತ್ತದೆ. ಈ ಹಿಂದೆ ಪ್ರಧಾನಮಂತ್ರಿಗಳ ಸನ್ಮಾನ್ಯ ನರೇಂದ್ರ ಮೋದೀಜಿ ರವರು 1-1-2021ರಲ್ಲಿ ಶ್ರೀ ಶಾರದಾದೇವಿ ಕಣ್ಣಿನ ಆಸ್ಪತ್ರೆಯ ನೂತನ ಕಟ್ಟಡವನ್ನು ಉದ್ಘಾಟಿಸಿ ಆಶೀರ್ವದಿಸಿದ್ದರು. ಈ ವಿಚಾರದಲ್ಲಿ ಪತ್ರ ವ್ಯವಹಾರಗಳು ನಡೆದಿದ್ದವು. ಆದರೆ ಕೇಂದ್ರ ಒಕ್ಕೂಟದಿಂದ ಮತ್ತು ಆ ಸಂದರ್ಭದಲ್ಲಿ ಕೋವಿಡ್ ಮಹಾಮಾರಿ
ರಾಜ್ಯಾದ್ಯಂತ ಇನ್ನೂ ಇರುವ ಸಂದರ್ಭದಲ್ಲಿ ಸನ್ಮಾನ್ಯ ಪ್ರಧಾನ ಮಂತ್ರಿಗಳು ಅತ್ಯಂತ ಪ್ರೀತಿ ಪೂರ್ವಕವಾಗಿ, ಶ್ರದ್ಧಾ ಭಕ್ತಿ ಪೂರ್ವಕವಾಗಿ ಪೂಜ್ಯ ಸ್ವಾಮಿ ಜಪಾನಂದಜೀ ರವರಿಗೆ ತಾವೇ ಸಹಿ ಮಾಡಿದ ಒಂದು ವೈಯಕ್ತಿಕ ಪತ್ರವನ್ನು ಬರೆದು ಪಾವಗಡದಂತಹ ಹಿಂದುಳಿದ ಸ್ಥಳದಲ್ಲಿ ಅದ್ಭುತವಾದ ಸೇವಾ ಯೋಜನೆಗಳನ್ನು ನಡೆಸುತ್ತಿರುವುದು ತಮ್ಮ ಅರಿವಿಗೆ ಬಂದಿದೆ ಮತ್ತು ಸಂಸ್ಥೆಗೆ ಸಂಪೂರ್ಣವಾದ ಹಾರ್ದಿಕ ಶುಭಾಶಯಗಳನ್ನು ರವಾನಿಸಿದ್ದು ಇಂದಿಗೂ ನೆನಪಿದೆ. ಇಂದು ಮತ್ತೆ ಪ್ರಧಾನ ಮಂತ್ರಿ ರವರ ಕಚೇರಿಯಿಂದ ಈ ಭಯಾನಕ ರಣ ಬೇಸಿಗೆಯ ಬಿಸಿಲಲ್ಲಿ ತತ್ತರಿಸಿ ಸಾಯುವುದು ನಿಲ್ಲಬೇಕು, ಪ್ರಾಣ ಬಿಡುತ್ತಿರುವ ಸಾವಿರಾರು ಮೂಕ ಪ್ರಾಣಿಗಳಿಗೆ ಪರಿಹಾರ ಸನ್ಮಾನ್ಯ ಪ್ರಧಾನಮಂತ್ರಿಗಳಿಗೆ ಬರೆದ ಮನವಿ ಪತ್ರಕ್ಕೆ ??? ರಿಂದ ಕ್ಷಣದ ಸ್ಪಂದನೆ ದೊರೆತಿರುವುದು ಪೂಜ್ಯ ಸ್ವಾಮಿ ಜಪಾನಂದಜೀ ರವರ ಸಂತೋಷಕ್ಕೆ ಪಾರವೇ ಇಲ್ಲದಂತಾಗಿದೆ. ಈ ಮೂಲಕ ಸಾವಿರಾರು ಮೂಕ ಪ್ರಾಣಿಗಳಿಗೆ ಮೇವು ಮತ್ತು ಸೌಲಭ್ಯಗಳು ದೊರಕುವುದರಲ್ಲಿ ಸಂದೇಹವೇ ಇಲ್ಲದಂತಾಗಿದೆ.
